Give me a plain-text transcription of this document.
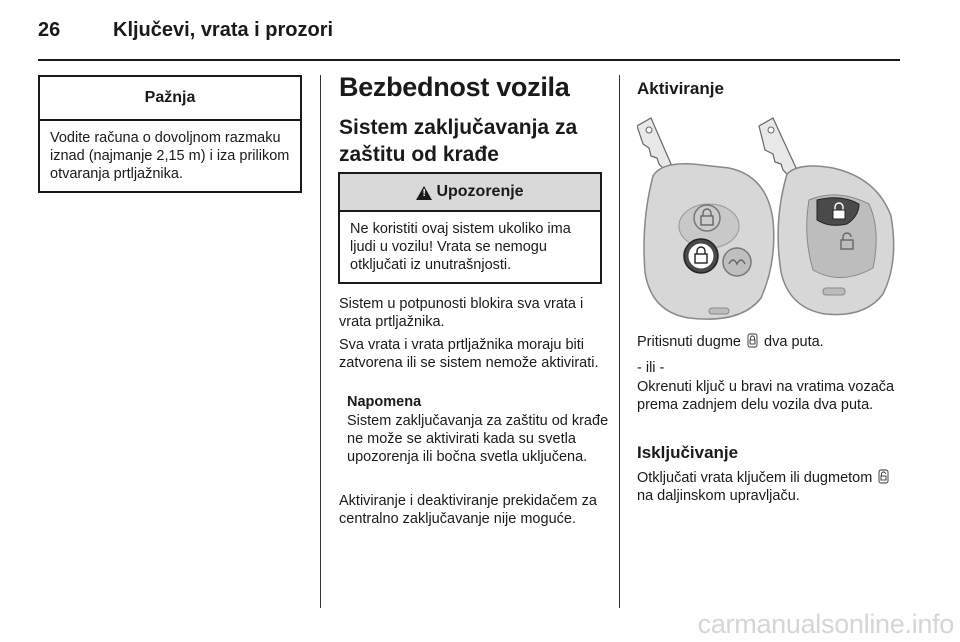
26	Ključevi, vrata i prozori
Pažnja
Vodite računa o dovoljnom razmaku iznad (najmanje 2,15 m) i iza prilikom otvaranja prtljažnika.
Bezbednost vozila
Sistem zaključavanja za zaštitu od krađe
!
Upozorenje
Ne koristiti ovaj sistem ukoliko ima ljudi u vozilu! Vrata se nemogu otključati iz unutrašnjosti.
Sistem u potpunosti blokira sva vrata i vrata prtljažnika.
Sva vrata i vrata prtljažnika moraju biti zatvorena ili se sistem nemože aktivirati.
Napomena
Sistem zaključavanja za zaštitu od krađe ne može se aktivirati kada su svetla upozorenja ili bočna svetla uključena.
Aktiviranje i deaktiviranje prekidačem za centralno zaključavanje nije moguće.
Aktiviranje
Pritisnuti dugme dva puta.
- ili -
Okrenuti ključ u bravi na vratima vozača prema zadnjem delu vozila dva puta.
Isključivanje
Otključati vrata ključem ili dugmetom  na daljinskom upravljaču.
carmanualsonline.info
